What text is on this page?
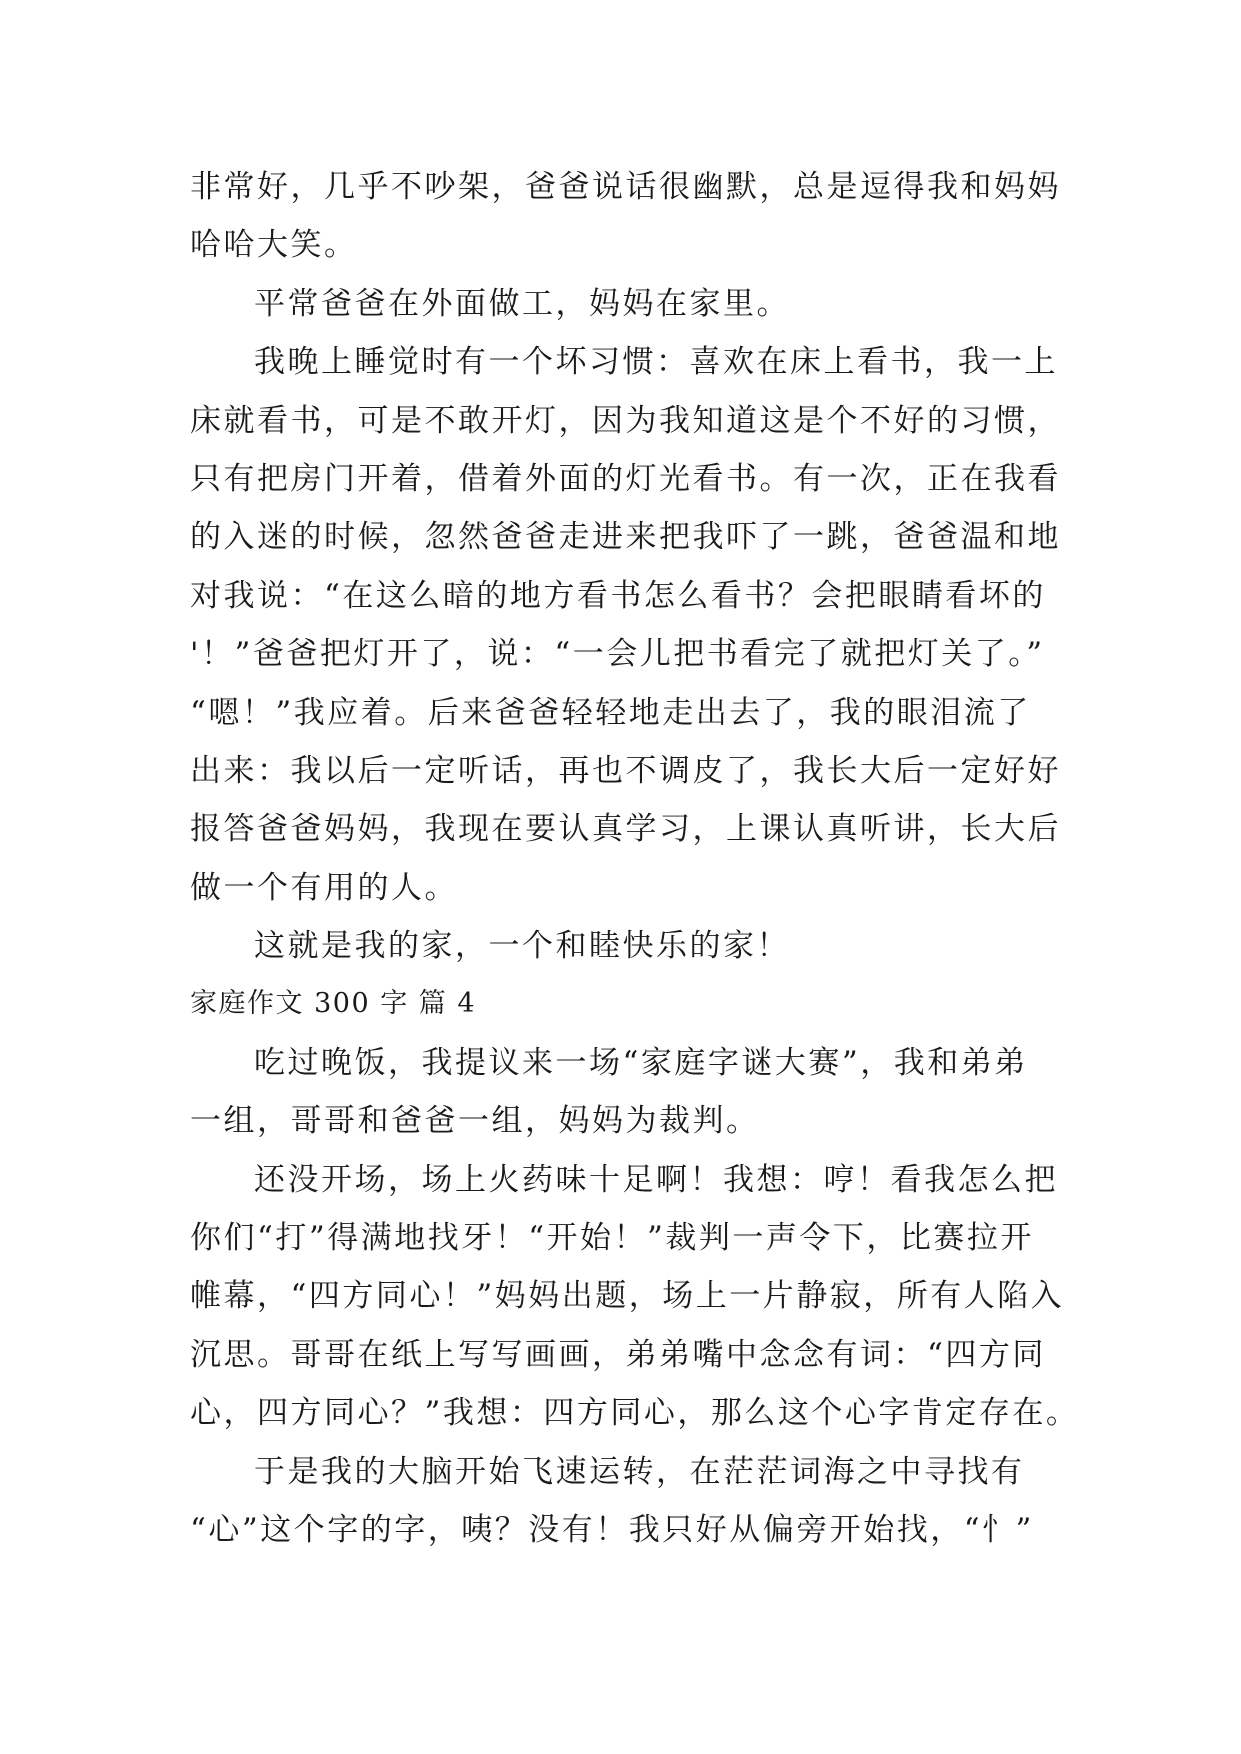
非常好，几乎不吵架，爸爸说话很幽默，总是逗得我和妈妈
哈哈大笑。
平常爸爸在外面做工，妈妈在家里。
我晚上睡觉时有一个坏习惯：喜欢在床上看书，我一上
床就看书，可是不敢开灯，因为我知道这是个不好的习惯，
只有把房门开着，借着外面的灯光看书。有一次，正在我看
的入迷的时候，忽然爸爸走进来把我吓了一跳，爸爸温和地
对我说：“在这么暗的地方看书怎么看书？会把眼睛看坏的
'！”爸爸把灯开了，说：“一会儿把书看完了就把灯关了。”
“嗯！”我应着。后来爸爸轻轻地走出去了，我的眼泪流了
出来：我以后一定听话，再也不调皮了，我长大后一定好好
报答爸爸妈妈，我现在要认真学习，上课认真听讲，长大后
做一个有用的人。
这就是我的家，一个和睦快乐的家！
家庭作文 300 字 篇 4
吃过晚饭，我提议来一场“家庭字谜大赛”，我和弟弟
一组，哥哥和爸爸一组，妈妈为裁判。
还没开场，场上火药味十足啊！我想：哼！看我怎么把
你们“打”得满地找牙！“开始！”裁判一声令下，比赛拉开
帷幕，“四方同心！”妈妈出题，场上一片静寂，所有人陷入
沉思。哥哥在纸上写写画画，弟弟嘴中念念有词：“四方同
心，四方同心？”我想：四方同心，那么这个心字肯定存在。
于是我的大脑开始飞速运转，在茫茫词海之中寻找有
“心”这个字的字，咦？没有！我只好从偏旁开始找，“忄”
